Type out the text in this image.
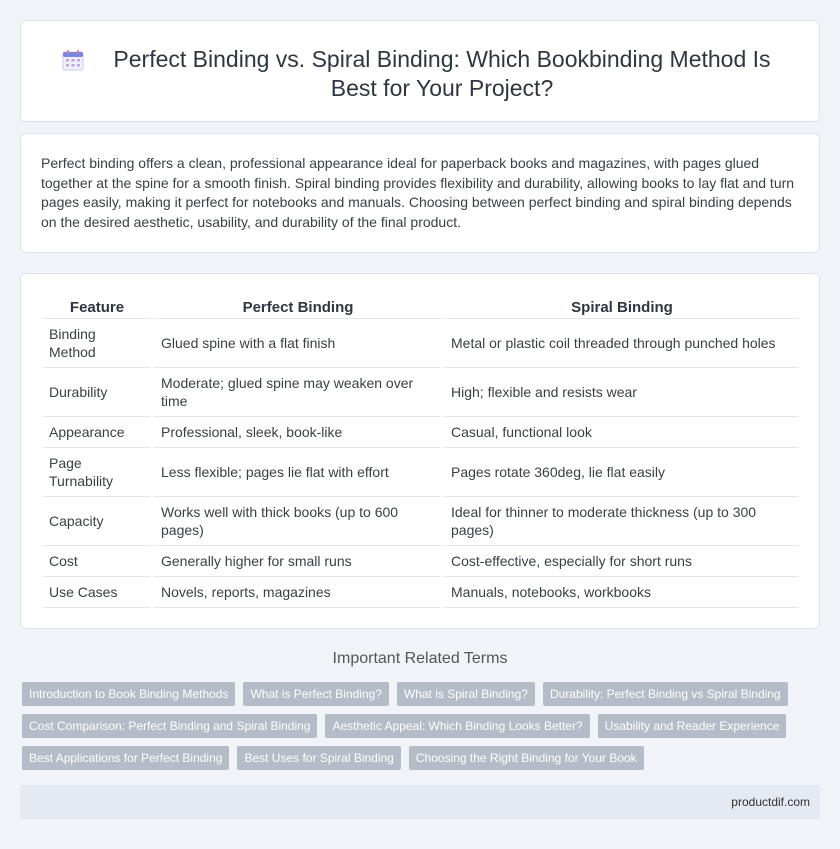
Perfect Binding vs. Spiral Binding: Which Bookbinding Method Is Best for Your Project?

Perfect binding offers a clean, professional appearance ideal for paperback books and magazines, with pages glued together at the spine for a smooth finish. Spiral binding provides flexibility and durability, allowing books to lay flat and turn pages easily, making it perfect for notebooks and manuals. Choosing between perfect binding and spiral binding depends on the desired aesthetic, usability, and durability of the final product.

Feature	Perfect Binding	Spiral Binding
Binding Method	Glued spine with a flat finish	Metal or plastic coil threaded through punched holes
Durability	Moderate; glued spine may weaken over time	High; flexible and resists wear
Appearance	Professional, sleek, book-like	Casual, functional look
Page Turnability	Less flexible; pages lie flat with effort	Pages rotate 360deg, lie flat easily
Capacity	Works well with thick books (up to 600 pages)	Ideal for thinner to moderate thickness (up to 300 pages)
Cost	Generally higher for small runs	Cost-effective, especially for short runs
Use Cases	Novels, reports, magazines	Manuals, notebooks, workbooks
Important Related Terms
Introduction to Book Binding Methods	What is Perfect Binding?	What is Spiral Binding?	Durability: Perfect Binding vs Spiral Binding
Cost Comparison: Perfect Binding and Spiral Binding	Aesthetic Appeal: Which Binding Looks Better?	Usability and Reader Experience
Best Applications for Perfect Binding	Best Uses for Spiral Binding	Choosing the Right Binding for Your Book
productdif.com
